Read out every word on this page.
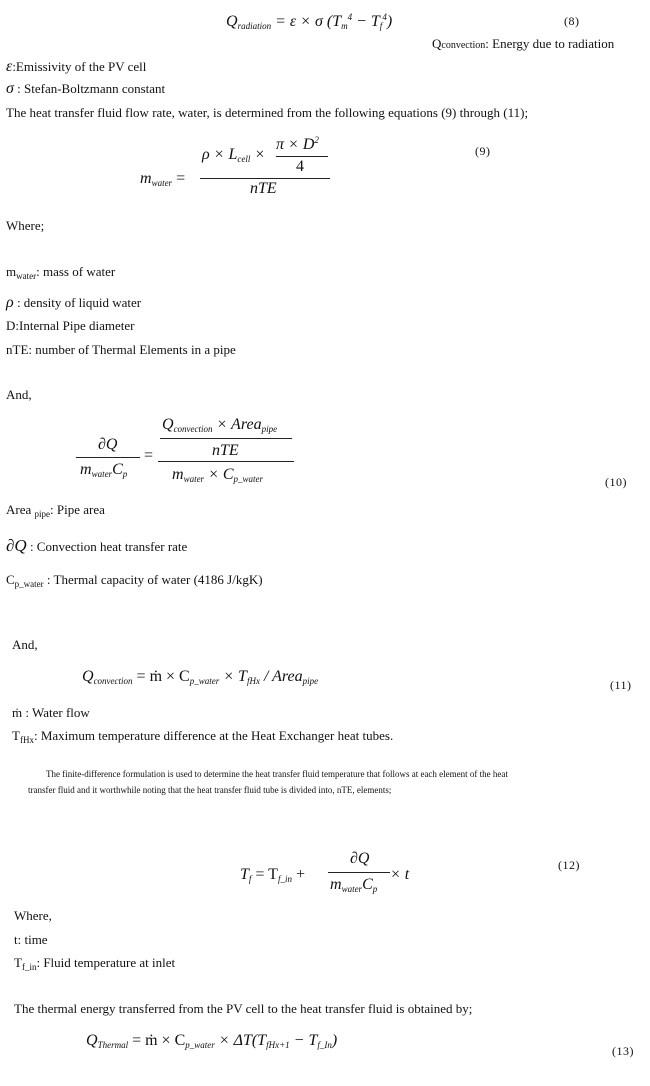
$Q_{radiation} = \varepsilon \times \sigma$ $(T_m^4 - T_f^4)$	(8)
Qconvection: Energy due to radiation
ε:Emissivity of the PV cell
σ : Stefan-Boltzmann constant
The heat transfer fluid flow rate, water, is determined from the following equations (9) through (11);
$m_{water}$ =
$\rho \times L_{cell}$ ×
$\pi \times D^2$
4
nTE
(9)
Where;
$m_{water}$: mass of water
ρ : density of liquid water
D:Internal Pipe diameter
nTE: number of Thermal Elements in a pipe
And,
∂Q
$m_{water}C_p$
=
$Q_{convection}$ × Area$_{pipe}$
nTE
$m_{water} \times C_{p\_water}$	(10)
Area $_{pipe}$: Pipe area
∂Q : Convection heat transfer rate
$C_{p\_water}$ : Thermal capacity of water (4186 J/kgK)
And,
$Q_{convection}$ = ṁ × $C_{p\_water} \times T_{fHx}$ / Area$_{pipe}$	(11)
ṁ : Water flow
$T_{fHx}$: Maximum temperature difference at the Heat Exchanger heat tubes.
The finite-difference formulation is used to determine the heat transfer fluid temperature that follows at each element of the heat transfer fluid and it worthwhile noting that the heat transfer fluid tube is divided into, nTE, elements;
$T_f = T_{f\_in}$ +
∂Q
$m_{water}C_p$
× t
(12)
Where,
t: time
$T_{f\_in}$: Fluid temperature at inlet
The thermal energy transferred from the PV cell to the heat transfer fluid is obtained by;
$Q_{Thermal}$ = ṁ × $C_{p\_water} \times \Delta T(T_{fHx+1} - T_{f\_In})$
(13)
